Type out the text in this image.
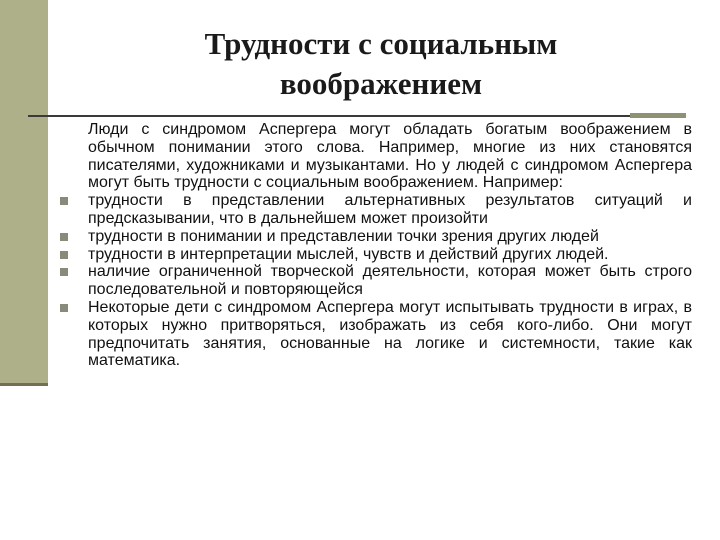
Трудности с социальным
воображением

Люди с синдромом Аспергера могут обладать богатым воображением в обычном понимании этого слова. Например, многие из них становятся писателями, художниками и музыкантами. Но у людей с синдромом Аспергера могут быть трудности с социальным воображением. Например:

трудности в представлении альтернативных результатов ситуаций и предсказывании, что в дальнейшем может произойти

трудности в понимании и представлении точки зрения других людей

трудности в интерпретации мыслей, чувств и действий других людей.

наличие ограниченной творческой деятельности, которая может быть строго последовательной и повторяющейся

Некоторые дети с синдромом Аспергера могут испытывать трудности в играх, в которых нужно притворяться, изображать из себя кого-либо. Они могут предпочитать занятия, основанные на логике и системности, такие как математика.
